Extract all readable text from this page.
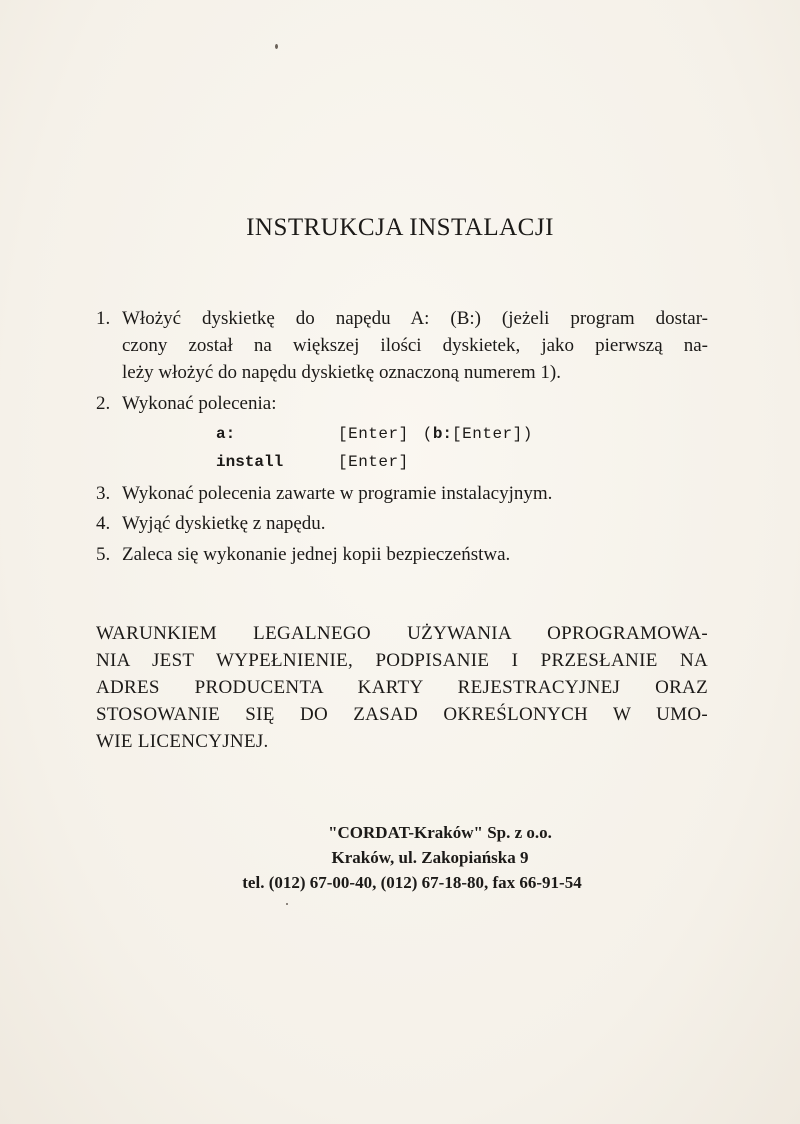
INSTRUKCJA INSTALACJI
1. Włożyć dyskietkę do napędu A: (B:) (jeżeli program dostar-
czony został na większej ilości dyskietek, jako pierwszą na-
leży włożyć do napędu dyskietkę oznaczoną numerem 1).
2. Wykonać polecenia:
a:	[Enter] (b:[Enter])
install	[Enter]
3. Wykonać polecenia zawarte w programie instalacyjnym.
4. Wyjąć dyskietkę z napędu.
5. Zaleca się wykonanie jednej kopii bezpieczeństwa.
WARUNKIEM LEGALNEGO UŻYWANIA OPROGRAMOWA-
NIA JEST WYPEŁNIENIE, PODPISANIE I PRZESŁANIE NA
ADRES PRODUCENTA KARTY REJESTRACYJNEJ ORAZ
STOSOWANIE SIĘ DO ZASAD OKREŚLONYCH W UMO-
WIE LICENCYJNEJ.
"CORDAT-Kraków" Sp. z o.o.
Kraków, ul. Zakopiańska 9
tel. (012) 67-00-40, (012) 67-18-80, fax 66-91-54
